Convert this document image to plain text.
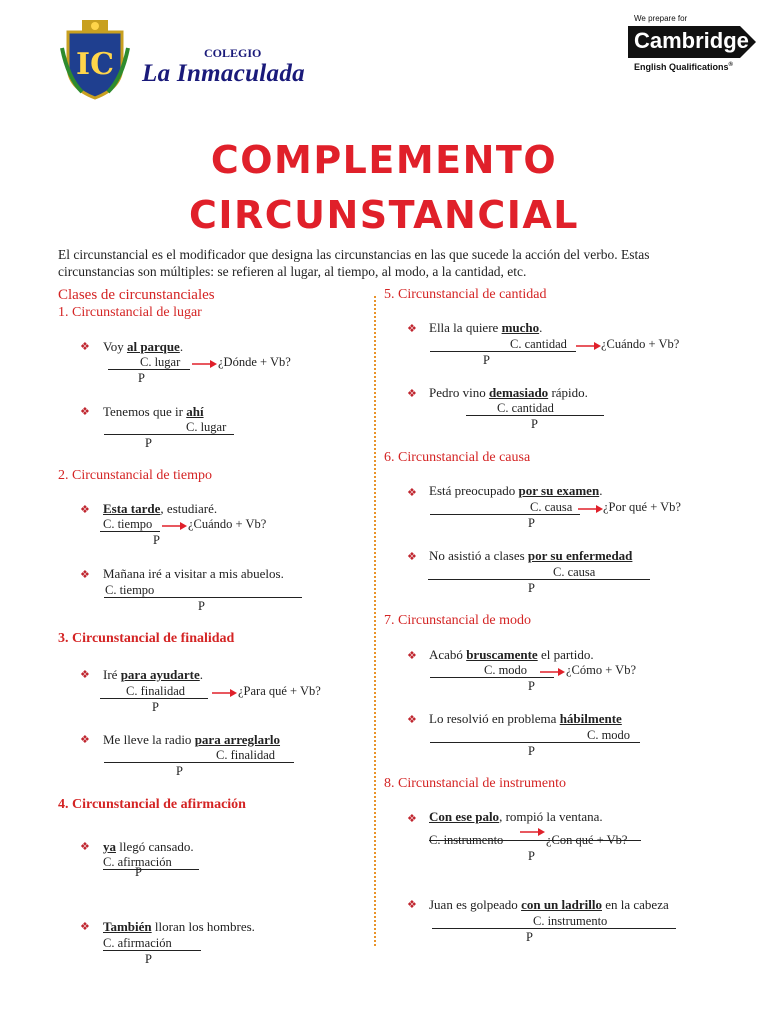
IC	COLEGIO
La Inmaculada
We prepare for
Cambridge
English Qualifications®
COMPLEMENTO
CIRCUNSTANCIAL
El circunstancial es el modificador que designa las circunstancias en las que sucede la acción del verbo. Estas circunstancias son múltiples: se refieren al lugar, al tiempo, al modo, a la cantidad, etc.
Clases de circunstanciales
1. Circunstancial de lugar
❖ Voy al parque.
C. lugar	¿Dónde + Vb?
P
❖ Tenemos que ir ahí
C. lugar
P
2. Circunstancial de tiempo
❖ Esta tarde, estudiaré.
C. tiempo	¿Cuándo + Vb?
P
❖ Mañana iré a visitar a mis abuelos.
C. tiempo
P
3. Circunstancial de finalidad
❖ Iré para ayudarte.
C. finalidad	¿Para qué + Vb?
P
❖ Me lleve la radio para arreglarlo
C. finalidad
P
4. Circunstancial de afirmación
❖ ya llegó cansado.
C. afirmación
P
❖ También lloran los hombres.
C. afirmación
P
5. Circunstancial de cantidad
❖ Ella la quiere mucho.
C. cantidad	¿Cuándo + Vb?
P
❖ Pedro vino demasiado rápido.
C. cantidad
P
6. Circunstancial de causa
❖ Está preocupado por su examen.
C. causa ¿Por qué + Vb?
P
❖ No asistió a clases por su enfermedad
C. causa
P
7. Circunstancial de modo
❖ Acabó bruscamente el partido.
C. modo	¿Cómo + Vb?
P
❖ Lo resolvió en problema hábilmente
C. modo
P
8. Circunstancial de instrumento
❖ Con ese palo, rompió la ventana.
C. instrumento	¿Con qué + Vb?
P
❖ Juan es golpeado con un ladrillo en la cabeza
C. instrumento
P
